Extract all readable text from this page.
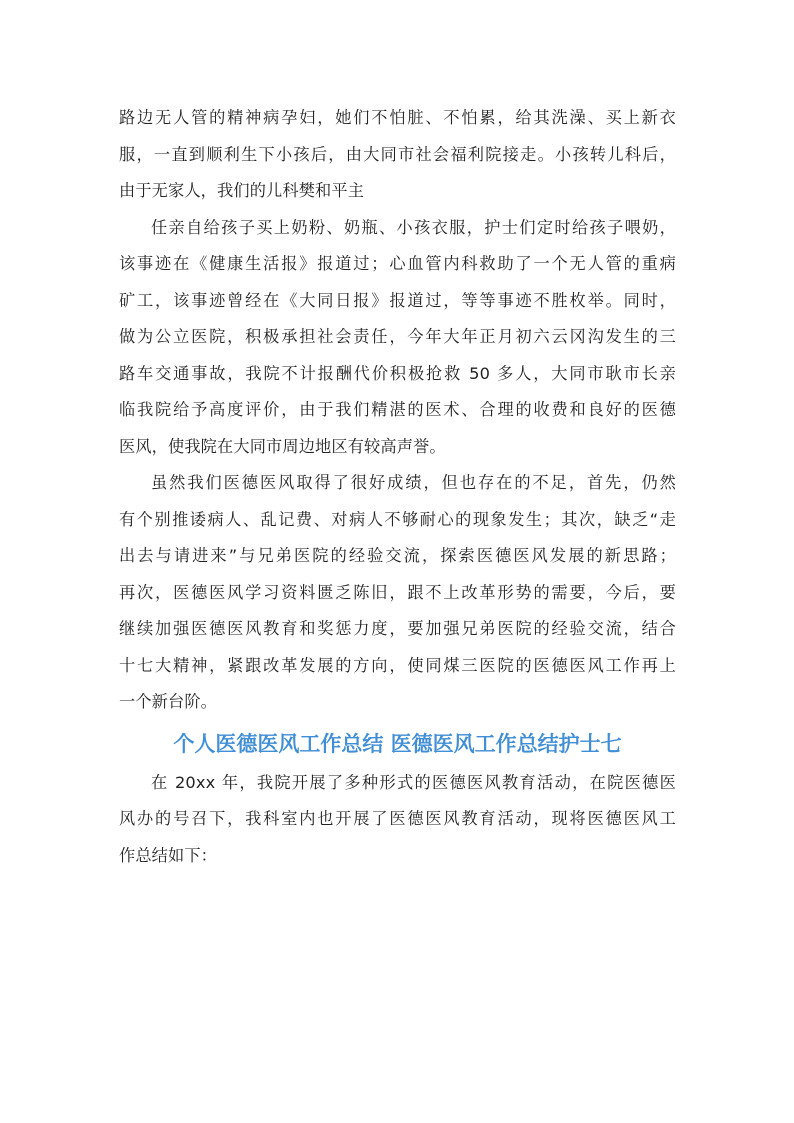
路边无人管的精神病孕妇，她们不怕脏、不怕累，给其洗澡、买上新衣
服，一直到顺利生下小孩后，由大同市社会福利院接走。小孩转儿科后，
由于无家人，我们的儿科樊和平主
任亲自给孩子买上奶粉、奶瓶、小孩衣服，护士们定时给孩子喂奶，
该事迹在《健康生活报》报道过；心血管内科救助了一个无人管的重病
矿工，该事迹曾经在《大同日报》报道过，等等事迹不胜枚举。同时，
做为公立医院，积极承担社会责任，今年大年正月初六云冈沟发生的三
路车交通事故，我院不计报酬代价积极抢救 50 多人，大同市耿市长亲
临我院给予高度评价，由于我们精湛的医术、合理的收费和良好的医德
医风，使我院在大同市周边地区有较高声誉。
虽然我们医德医风取得了很好成绩，但也存在的不足，首先，仍然
有个别推诿病人、乱记费、对病人不够耐心的现象发生；其次，缺乏“走
出去与请进来”与兄弟医院的经验交流，探索医德医风发展的新思路；
再次，医德医风学习资料匮乏陈旧，跟不上改革形势的需要，今后，要
继续加强医德医风教育和奖惩力度，要加强兄弟医院的经验交流，结合
十七大精神，紧跟改革发展的方向，使同煤三医院的医德医风工作再上
一个新台阶。
个人医德医风工作总结 医德医风工作总结护士七
在 20xx 年，我院开展了多种形式的医德医风教育活动，在院医德医
风办的号召下，我科室内也开展了医德医风教育活动，现将医德医风工
作总结如下：
